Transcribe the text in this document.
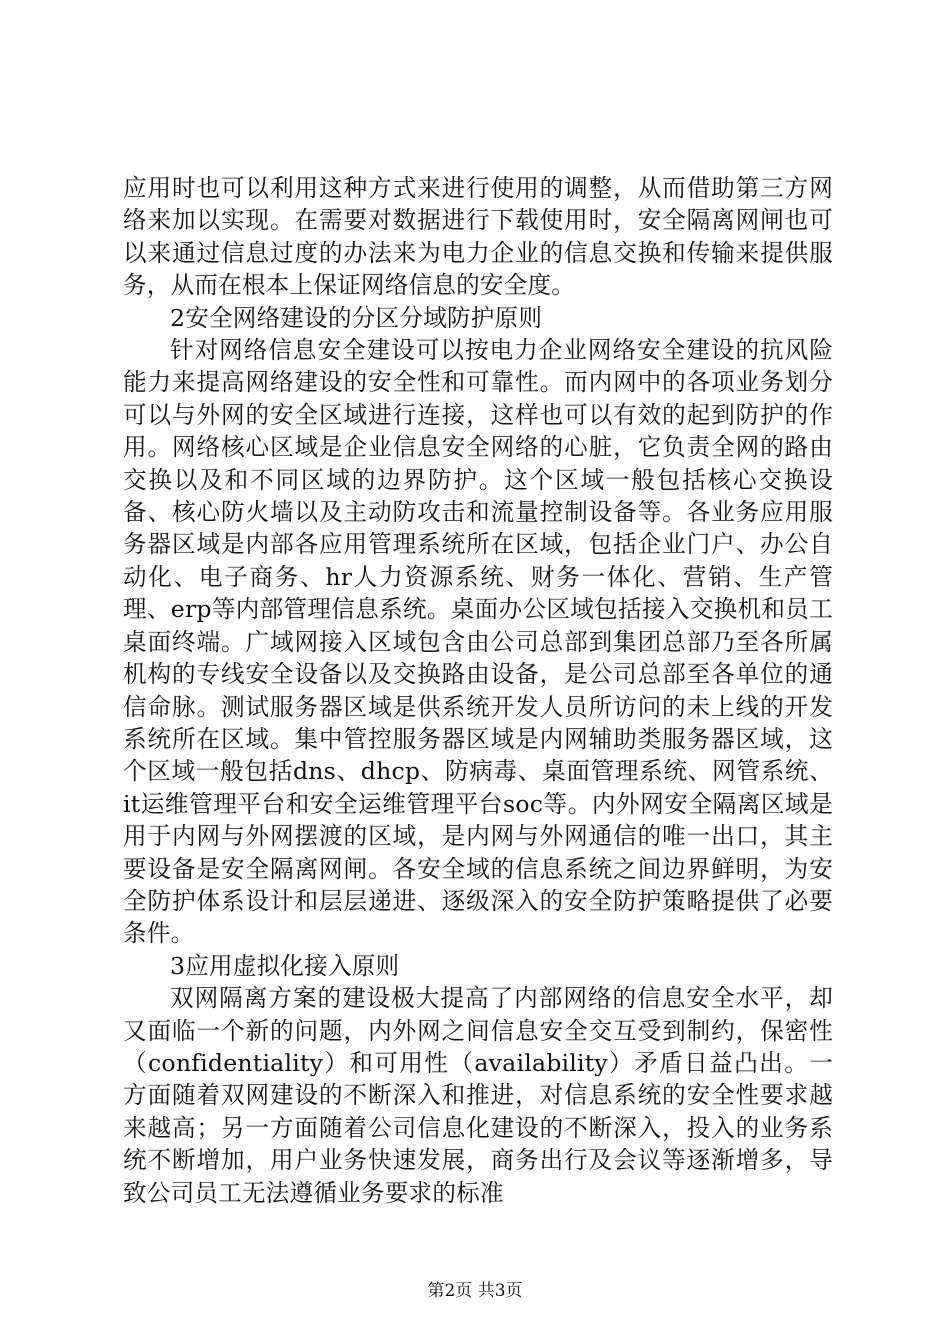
应用时也可以利用这种方式来进行使用的调整，从而借助第三方网络来加以实现。在需要对数据进行下载使用时，安全隔离网闸也可以来通过信息过度的办法来为电力企业的信息交换和传输来提供服务，从而在根本上保证网络信息的安全度。

2安全网络建设的分区分域防护原则

针对网络信息安全建设可以按电力企业网络安全建设的抗风险能力来提高网络建设的安全性和可靠性。而内网中的各项业务划分可以与外网的安全区域进行连接，这样也可以有效的起到防护的作用。网络核心区域是企业信息安全网络的心脏，它负责全网的路由交换以及和不同区域的边界防护。这个区域一般包括核心交换设备、核心防火墙以及主动防攻击和流量控制设备等。各业务应用服务器区域是内部各应用管理系统所在区域，包括企业门户、办公自动化、电子商务、hr人力资源系统、财务一体化、营销、生产管理、erp等内部管理信息系统。桌面办公区域包括接入交换机和员工桌面终端。广域网接入区域包含由公司总部到集团总部乃至各所属机构的专线安全设备以及交换路由设备，是公司总部至各单位的通信命脉。测试服务器区域是供系统开发人员所访问的未上线的开发系统所在区域。集中管控服务器区域是内网辅助类服务器区域，这个区域一般包括dns、dhcp、防病毒、桌面管理系统、网管系统、it运维管理平台和安全运维管理平台soc等。内外网安全隔离区域是用于内网与外网摆渡的区域，是内网与外网通信的唯一出口，其主要设备是安全隔离网闸。各安全域的信息系统之间边界鲜明，为安全防护体系设计和层层递进、逐级深入的安全防护策略提供了必要条件。

3应用虚拟化接入原则

双网隔离方案的建设极大提高了内部网络的信息安全水平，却又面临一个新的问题，内外网之间信息安全交互受到制约，保密性（confidentiality）和可用性（availability）矛盾日益凸出。一方面随着双网建设的不断深入和推进，对信息系统的安全性要求越来越高；另一方面随着公司信息化建设的不断深入，投入的业务系统不断增加，用户业务快速发展，商务出行及会议等逐渐增多，导致公司员工无法遵循业务要求的标准

第2页 共3页
